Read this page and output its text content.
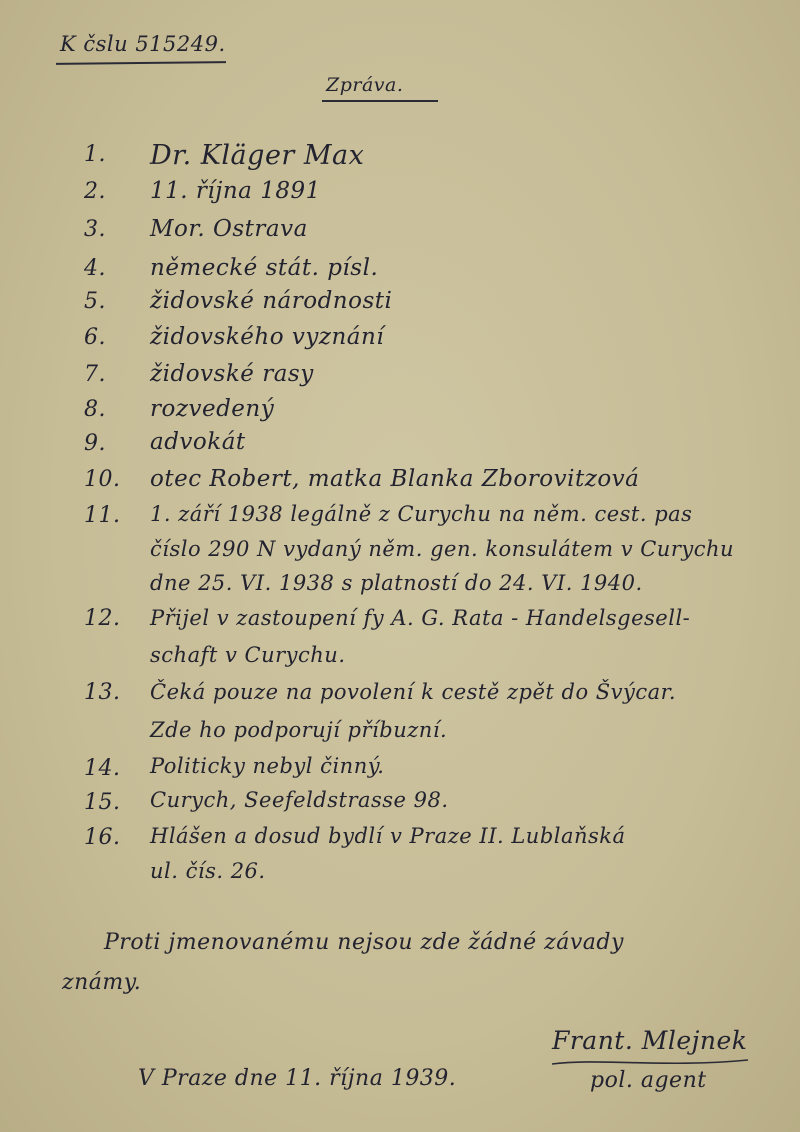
K čslu 515249.
Zpráva.
1. Dr. Kläger Max
2. 11. října 1891
3. Mor. Ostrava
4. německé stát. písl.
5. židovské národnosti
6. židovského vyznání
7. židovské rasy
8. rozvedený
9. advokát
10. otec Robert, matka Blanka Zborovitzová
11. 1. září 1938 legálně z Curychu na něm. cest. pas
číslo 290 N vydaný něm. gen. konsulátem v Curychu
dne 25. VI. 1938 s platností do 24. VI. 1940.
12. Přijel v zastoupení fy A. G. Rata - Handelsgesell-
schaft v Curychu.
13. Čeká pouze na povolení k cestě zpět do Švýcar.
Zde ho podporují příbuzní.
14. Politicky nebyl činný.
15. Curych, Seefeldstrasse 98.
16. Hlášen a dosud bydlí v Praze II. Lublaňská
ul. čís. 26.
Proti jmenovanému nejsou zde žádné závady
známy.
V Praze dne 11. října 1939.
Frant. Mlejnek
pol. agent
